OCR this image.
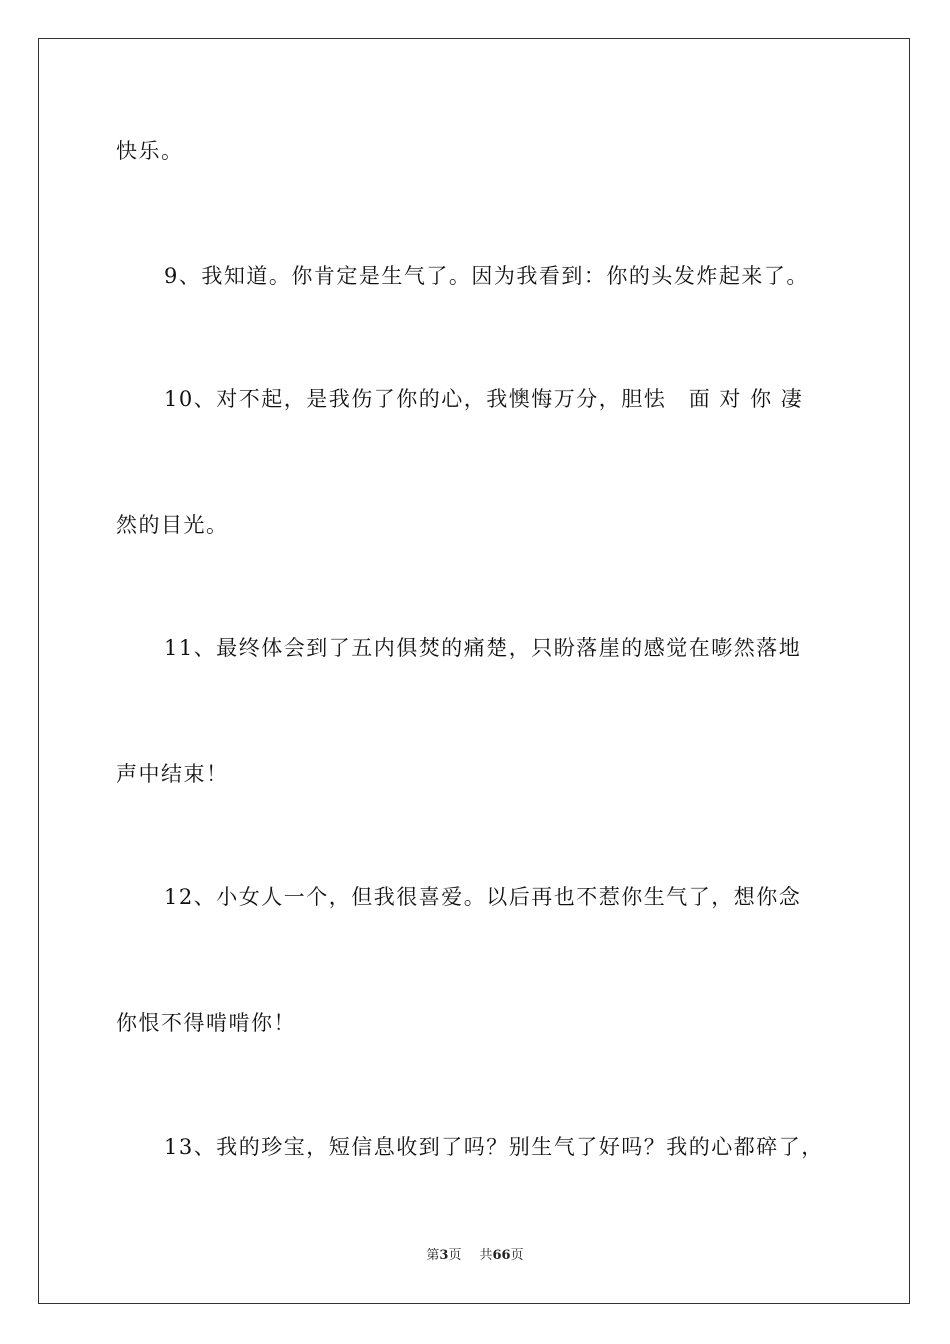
快乐。
9、我知道。你肯定是生气了。因为我看到：你的头发炸起来了。
10、对不起，是我伤了你的心，我懊悔万分，胆怯　面 对 你 凄
然的目光。
11、最终体会到了五内俱焚的痛楚，只盼落崖的感觉在嘭然落地
声中结束！
12、小女人一个，但我很喜爱。以后再也不惹你生气了，想你念
你恨不得啃啃你！
13、我的珍宝，短信息收到了吗？别生气了好吗？我的心都碎了，
第3页 共66页
